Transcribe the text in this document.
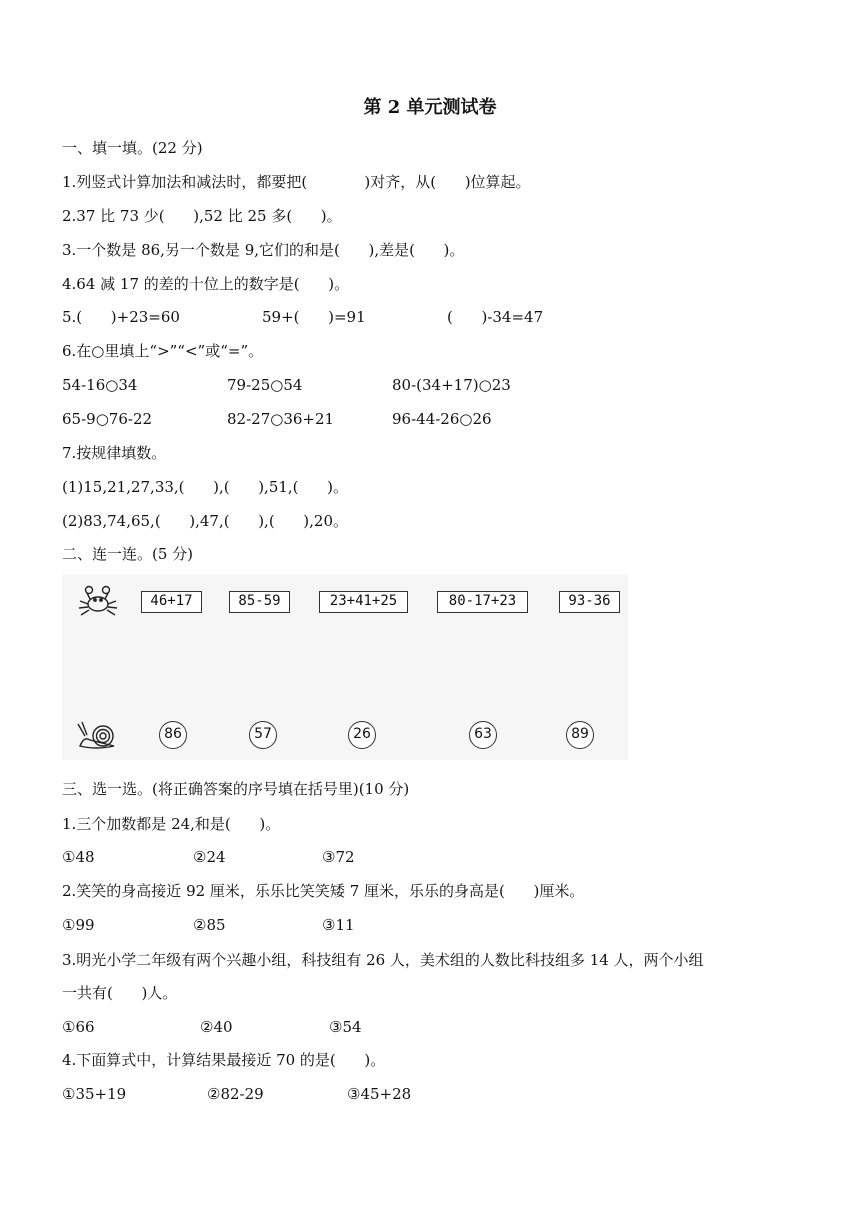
第 2 单元测试卷
一、填一填。(22 分)
1.列竖式计算加法和减法时，都要把(            )对齐，从(      )位算起。
2.37 比 73 少(      ),52 比 25 多(      )。
3.一个数是 86,另一个数是 9,它们的和是(      ),差是(      )。
4.64 减 17 的差的十位上的数字是(      )。
5.(      )+23=60	59+(      )=91	(      )-34=47
6.在○里填上“>”“<”或“=”。
54-16○34	79-25○54	80-(34+17)○23
65-9○76-22	82-27○36+21	96-44-26○26
7.按规律填数。
(1)15,21,27,33,(      ),(      ),51,(      )。
(2)83,74,65,(      ),47,(      ),(      ),20。
二、连一连。(5 分)
46+17	85-59	23+41+25	80-17+23	93-36
86	57	26	63	89
三、选一选。(将正确答案的序号填在括号里)(10 分)
1.三个加数都是 24,和是(      )。
①48	②24	③72
2.笑笑的身高接近 92 厘米，乐乐比笑笑矮 7 厘米，乐乐的身高是(      )厘米。
①99	②85	③11
3.明光小学二年级有两个兴趣小组，科技组有 26 人，美术组的人数比科技组多 14 人，两个小组
一共有(      )人。
①66	②40	③54
4.下面算式中，计算结果最接近 70 的是(      )。
①35+19	②82-29	③45+28
